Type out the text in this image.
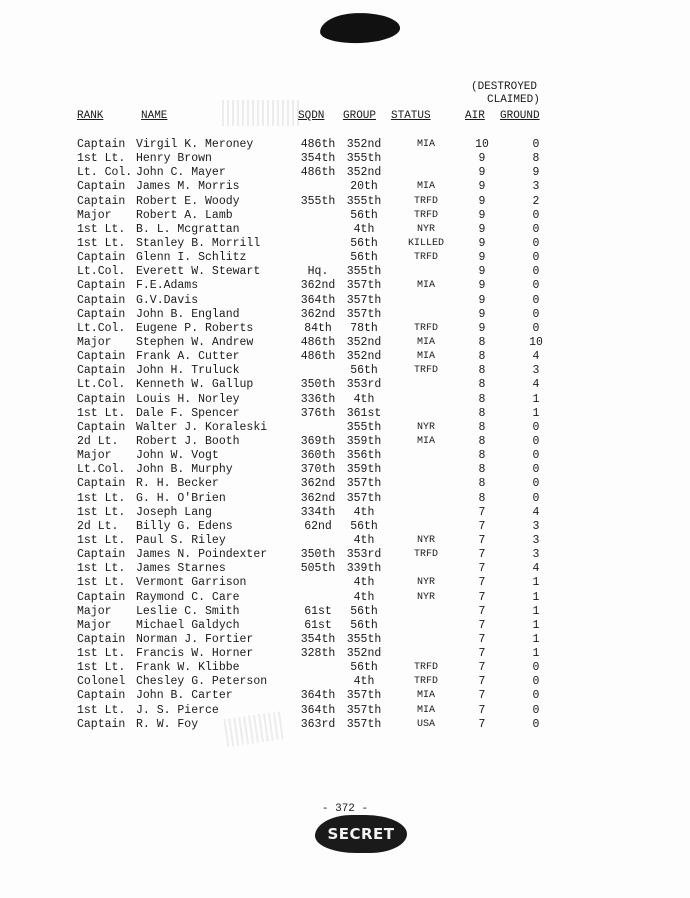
(DESTROYED
CLAIMED)
RANK	NAME	SQDN GROUP STATUS	AIR GROUND
Captain Virgil K. Meroney	486th 352nd	MIA	10	0
1st Lt. Henry Brown	354th 355th	9	8
Lt. Col. John C. Mayer	486th 352nd	9	9
Captain James M. Morris	20th	MIA	9	3
Captain Robert E. Woody	355th 355th	TRFD	9	2
Major Robert A. Lamb	56th	TRFD	9	0
1st Lt. B. L. Mcgrattan	4th	NYR	9	0
1st Lt. Stanley B. Morrill	56th	KILLED	9	0
Captain Glenn I. Schlitz	56th	TRFD	9	0
Lt.Col. Everett W. Stewart	Hq.	355th	9	0
Captain F.E.Adams	362nd 357th	MIA	9	0
Captain G.V.Davis	364th 357th	9	0
Captain John B. England	362nd 357th	9	0
Lt.Col. Eugene P. Roberts	84th	78th	TRFD	9	0
Major Stephen W. Andrew	486th 352nd	MIA	8	10
Captain Frank A. Cutter	486th 352nd	MIA	8	4
Captain John H. Truluck	56th	TRFD	8	3
Lt.Col. Kenneth W. Gallup	350th 353rd	8	4
Captain Louis H. Norley	336th	4th	8	1
1st Lt. Dale F. Spencer	376th 361st	8	1
Captain Walter J. Koraleski	355th	NYR	8	0
2d Lt. Robert J. Booth	369th 359th	MIA	8	0
Major John W. Vogt	360th 356th	8	0
Lt.Col. John B. Murphy	370th 359th	8	0
Captain R. H. Becker	362nd 357th	8	0
1st Lt. G. H. O'Brien	362nd 357th	8	0
1st Lt. Joseph Lang	334th	4th	7	4
2d Lt. Billy G. Edens	62nd	56th	7	3
1st Lt. Paul S. Riley	4th	NYR	7	3
Captain James N. Poindexter	350th 353rd	TRFD	7	3
1st Lt. James Starnes	505th 339th	7	4
1st Lt. Vermont Garrison	4th	NYR	7	1
Captain Raymond C. Care	4th	NYR	7	1
Major Leslie C. Smith	61st	56th	7	1
Major Michael Galdych	61st	56th	7	1
Captain Norman J. Fortier	354th 355th	7	1
1st Lt. Francis W. Horner	328th 352nd	7	1
1st Lt. Frank W. Klibbe	56th	TRFD	7	0
Colonel Chesley G. Peterson	4th	TRFD	7	0
Captain John B. Carter	364th 357th	MIA	7	0
1st Lt. J. S. Pierce	364th 357th	MIA	7	0
Captain R. W. Foy	363rd 357th	USA	7	0
- 372 -
SECRET
